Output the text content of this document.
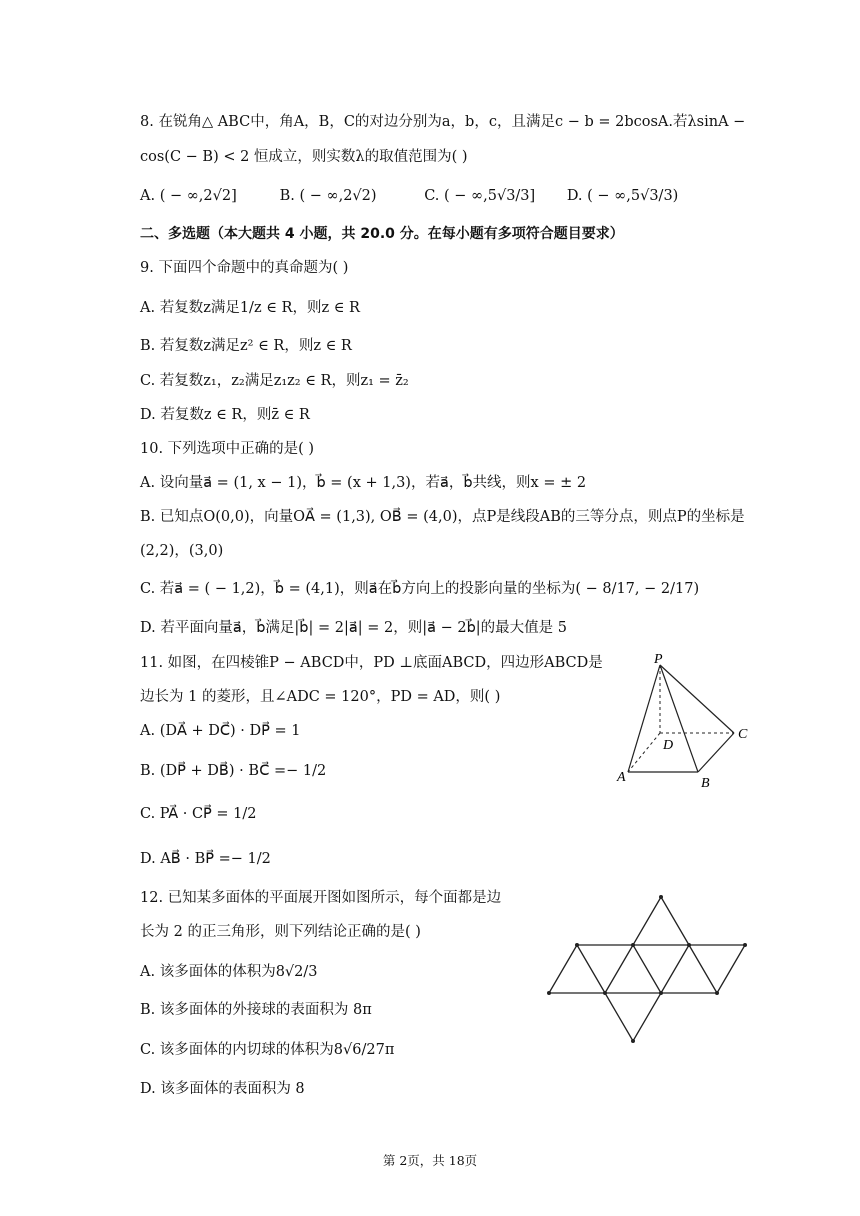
8. 在锐角△ ABC中，角A，B，C的对边分别为a，b，c，且满足c − b = 2bcosA.若λsinA −
cos(C − B) < 2 恒成立，则实数λ的取值范围为( )
A. ( − ∞,2√2]	B. ( − ∞,2√2)	C. ( − ∞,5√3/3] D. ( − ∞,5√3/3)
二、多选题（本大题共 4 小题，共 20.0 分。在每小题有多项符合题目要求）
9. 下面四个命题中的真命题为( )
A. 若复数z满足1/z ∈ R，则z ∈ R
B. 若复数z满足z² ∈ R，则z ∈ R
C. 若复数z₁，z₂满足z₁z₂ ∈ R，则z₁ = z̄₂
D. 若复数z ∈ R，则z̄ ∈ R
10. 下列选项中正确的是( )
A. 设向量a⃗ = (1, x − 1)，b⃗ = (x + 1,3)，若a⃗，b⃗共线，则x = ± 2
B. 已知点O(0,0)，向量OA⃗ = (1,3), OB⃗ = (4,0)，点P是线段AB的三等分点，则点P的坐标是
(2,2)，(3,0)
C. 若a⃗ = ( − 1,2)，b⃗ = (4,1)，则a⃗在b⃗方向上的投影向量的坐标为( − 8/17, − 2/17)
D. 若平面向量a⃗，b⃗满足|b⃗| = 2|a⃗| = 2，则|a⃗ − 2b⃗|的最大值是 5
11. 如图，在四棱锥P − ABCD中，PD ⊥底面ABCD，四边形ABCD是
边长为 1 的菱形，且∠ADC = 120°，PD = AD，则( )
A. (DA⃗ + DC⃗) · DP⃗ = 1
B. (DP⃗ + DB⃗) · BC⃗ =− 1/2
C. PA⃗ · CP⃗ = 1/2
D. AB⃗ · BP⃗ =− 1/2
P
D
C
A	B
12. 已知某多面体的平面展开图如图所示，每个面都是边
长为 2 的正三角形，则下列结论正确的是( )
A. 该多面体的体积为8√2/3
B. 该多面体的外接球的表面积为 8π
C. 该多面体的内切球的体积为8√6/27π
D. 该多面体的表面积为 8
第 2页，共 18页
